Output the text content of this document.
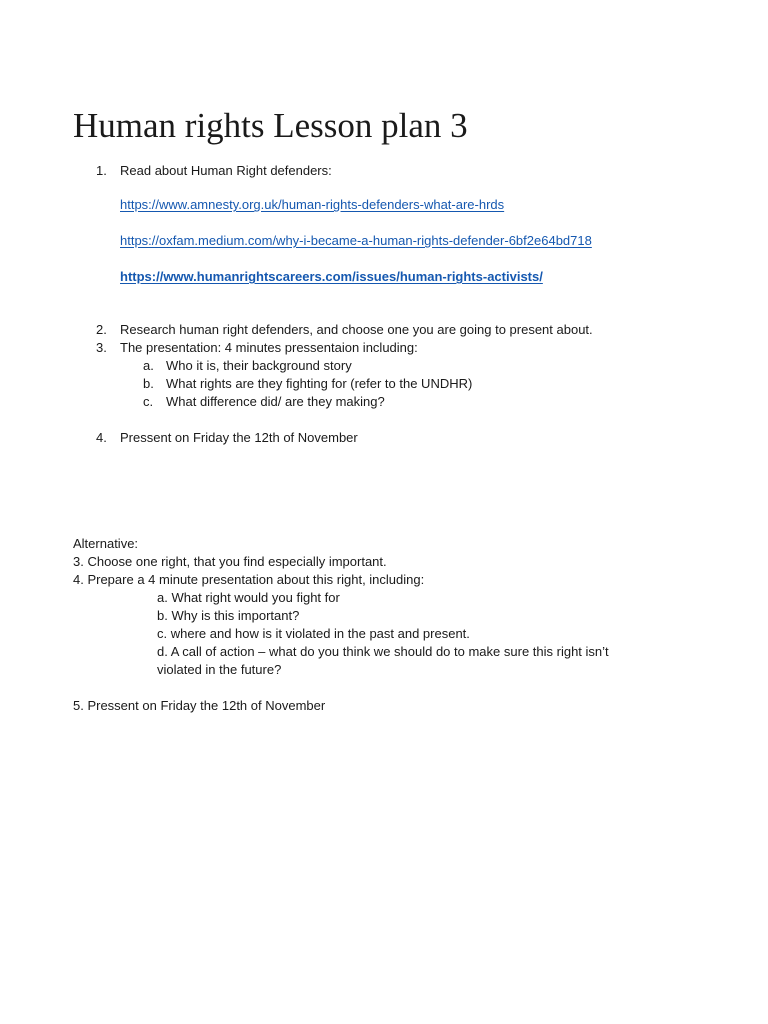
Human rights Lesson plan 3
1. Read about Human Right defenders:
https://www.amnesty.org.uk/human-rights-defenders-what-are-hrds
https://oxfam.medium.com/why-i-became-a-human-rights-defender-6bf2e64bd718
https://www.humanrightscareers.com/issues/human-rights-activists/
2. Research human right defenders, and choose one you are going to present about.
3. The presentation: 4 minutes pressentaion including:
a. Who it is, their background story
b. What rights are they fighting for (refer to the UNDHR)
c. What difference did/ are they making?
4. Pressent on Friday the 12th of November
Alternative:
3. Choose one right, that you find especially important.
4. Prepare a 4 minute presentation about this right, including:
a. What right would you fight for
b. Why is this important?
c. where and how is it violated in the past and present.
d. A call of action – what do you think we should do to make sure this right isn’t
violated in the future?
5. Pressent on Friday the 12th of November
